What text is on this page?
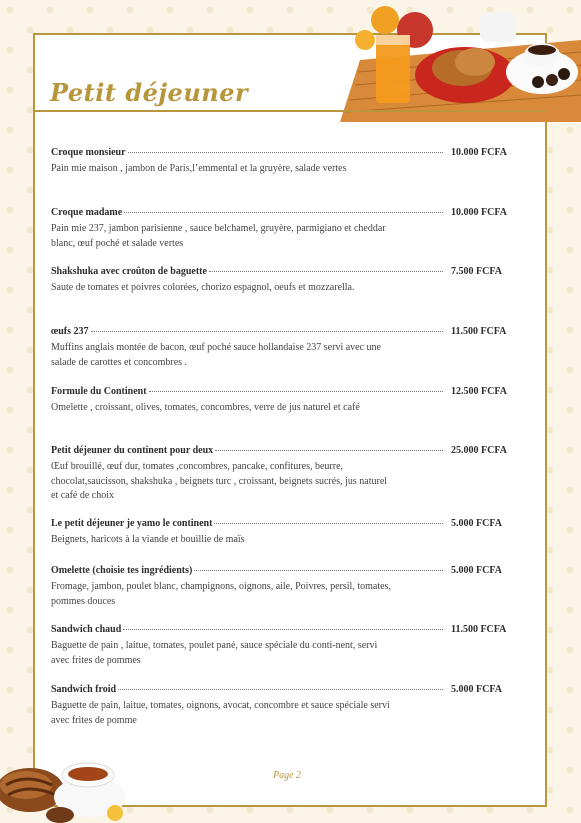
Petit déjeuner
Croque monsieur	10.000 FCFA
Pain mie maison , jambon de Paris,l’emmental et la gruyère, salade vertes
Croque madame	10.000 FCFA
Pain mie 237, jambon parisienne , sauce belchamel, gruyère, parmigiano et cheddar blanc, œuf poché et salade vertes
Shakshuka avec croûton de baguette	7.500 FCFA
Saute de tomates et poivres colorées, chorizo espagnol, oeufs et mozzarella.
œufs 237	11.500 FCFA
Muffins anglais montée de bacon, œuf poché sauce hollandaise 237 servi avec une salade de carottes et concombres .
Formule du Continent	12.500 FCFA
Omelette , croissant, olives, tomates, concombres, verre de jus naturel et café
Petit déjeuner du continent pour deux	25.000 FCFA
Œuf brouillé, œuf dur, tomates ,concombres, pancake, confitures, beurre, chocolat,saucisson, shakshuka , beignets turc , croissant, beignets sucrés, jus naturel et café de choix
Le petit déjeuner je yamo le continent	5.000 FCFA
Beignets, haricots à la viande et bouillie de maïs
Omelette (choisie tes ingrédients)	5.000 FCFA
Fromage, jambon, poulet blanc, champignons, oignons, aile, Poivres, persil, tomates, pommes douces
Sandwich chaud	11.500 FCFA
Baguette de pain , laitue, tomates, poulet pané, sauce spéciale du conti-nent, servi avec frites de pommes
Sandwich froid	5.000 FCFA
Baguette de pain, laitue, tomates, oignons, avocat, concombre et sauce spéciale servi avec frites de pomme
Page 2
